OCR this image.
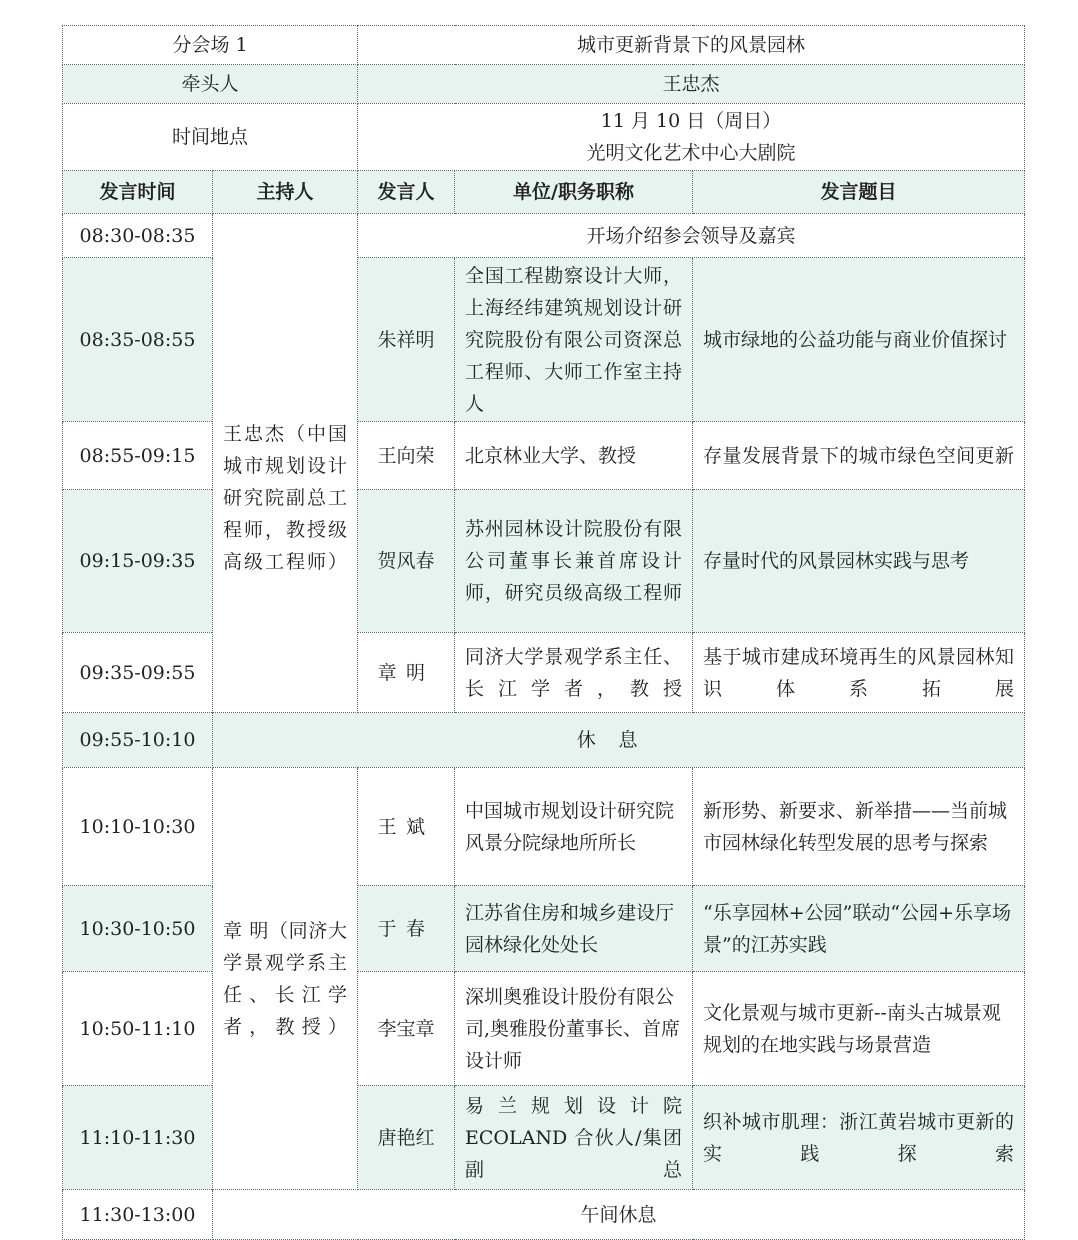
分会场 1		城市更新背景下的风景园林		
牵头人		王忠杰		
时间地点		11 月 10 日（周日）
光明文化艺术中心大剧院		

发言时间	主持人	发言人	单位/职务职称	发言题目
08:30-08:35	王忠杰（中国城市规划设计研究院副总工程师，教授级高级工程师）	开场介绍参会领导及嘉宾		
08:35-08:55		朱祥明	全国工程勘察设计大师，上海经纬建筑规划设计研究院股份有限公司资深总工程师、大师工作室主持人	城市绿地的公益功能与商业价值探讨
08:55-09:15		王向荣	北京林业大学、教授	存量发展背景下的城市绿色空间更新
09:15-09:35		贺风春	苏州园林设计院股份有限公司董事长兼首席设计师，研究员级高级工程师	存量时代的风景园林实践与思考
09:35-09:55		章明	同济大学景观学系主任、长江学者，教授	基于城市建成环境再生的风景园林知识体系拓展
09:55-10:10	休息			
10:10-10:30	章 明（同济大学景观学系主任、长江学者，教授）	王斌	中国城市规划设计研究院风景分院绿地所所长	新形势、新要求、新举措——当前城市园林绿化转型发展的思考与探索
10:30-10:50		于春	江苏省住房和城乡建设厅园林绿化处处长	“乐享园林+公园”联动“公园+乐享场景”的江苏实践
10:50-11:10		李宝章	深圳奥雅设计股份有限公司,奥雅股份董事长、首席设计师	文化景观与城市更新--南头古城景观规划的在地实践与场景营造
11:10-11:30		唐艳红	易兰规划设计院ECOLAND 合伙人/集团副总	织补城市肌理：浙江黄岩城市更新的实践探索
11:30-13:00	午间休息			
